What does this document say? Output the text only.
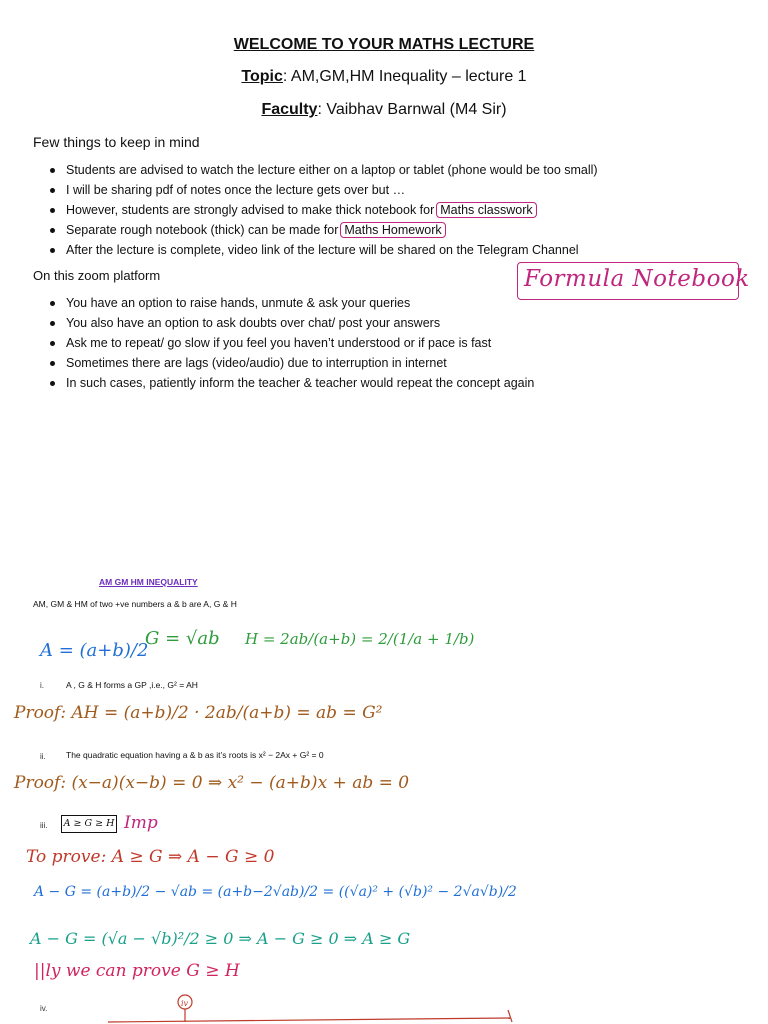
WELCOME TO YOUR MATHS LECTURE
Topic: AM,GM,HM Inequality – lecture 1
Faculty: Vaibhav Barnwal (M4 Sir)
Few things to keep in mind
Students are advised to watch the lecture either on a laptop or tablet (phone would be too small)
I will be sharing pdf of notes once the lecture gets over but …
However, students are strongly advised to make thick notebook for Maths classwork
Separate rough notebook (thick) can be made for Maths Homework
After the lecture is complete, video link of the lecture will be shared on the Telegram Channel
Formula Notebook
On this zoom platform
You have an option to raise hands, unmute & ask your queries
You also have an option to ask doubts over chat/ post your answers
Ask me to repeat/ go slow if you feel you haven’t understood or if pace is fast
Sometimes there are lags (video/audio) due to interruption in internet
In such cases, patiently inform the teacher & teacher would repeat the concept again
AM GM HM INEQUALITY
AM, GM & HM of two +ve numbers a & b are A, G & H
i.	A , G & H forms a GP ,i.e., G² = AH
ii. The quadratic equation having a & b as it’s roots is x² − 2Ax + G² = 0
iii. A ≥ G ≥ H
iv.
A = (a+b)/2
G = √ab H = 2ab/(a+b) = 2/(1/a + 1/b)
Proof: AH = (a+b)/2 · 2ab/(a+b) = ab = G²
Proof: (x−a)(x−b) = 0 ⇒ x² − (a+b)x + ab = 0
Imp
To prove: A ≥ G ⇒ A − G ≥ 0
A − G = (a+b)/2 − √ab = (a+b−2√ab)/2 = ((√a)² + (√b)² − 2√a√b)/2
A − G = (√a − √b)²/2 ≥ 0 ⇒ A − G ≥ 0 ⇒ A ≥ G
||ly we can prove G ≥ H
iv
